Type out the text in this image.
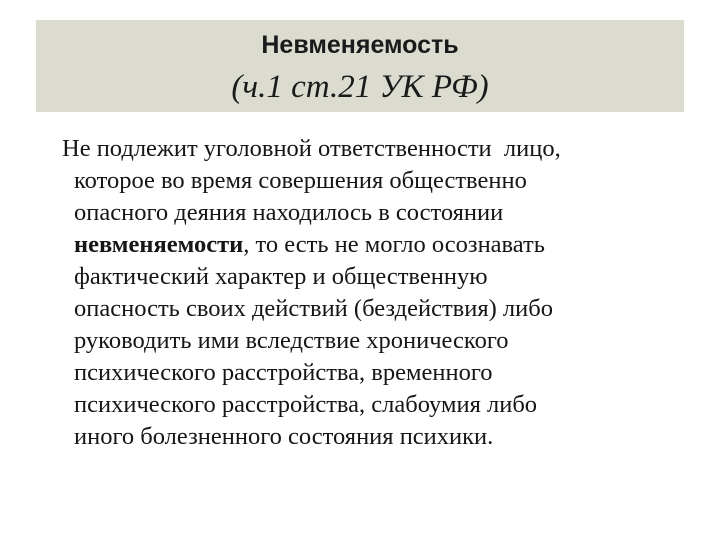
Невменяемость
(ч.1 ст.21 УК РФ)
Не подлежит уголовной ответственности  лицо,
которое во время совершения общественно
опасного деяния находилось в состоянии
невменяемости, то есть не могло осознавать
фактический характер и общественную
опасность своих действий (бездействия) либо
руководить ими вследствие хронического
психического расстройства, временного
психического расстройства, слабоумия либо
иного болезненного состояния психики.
